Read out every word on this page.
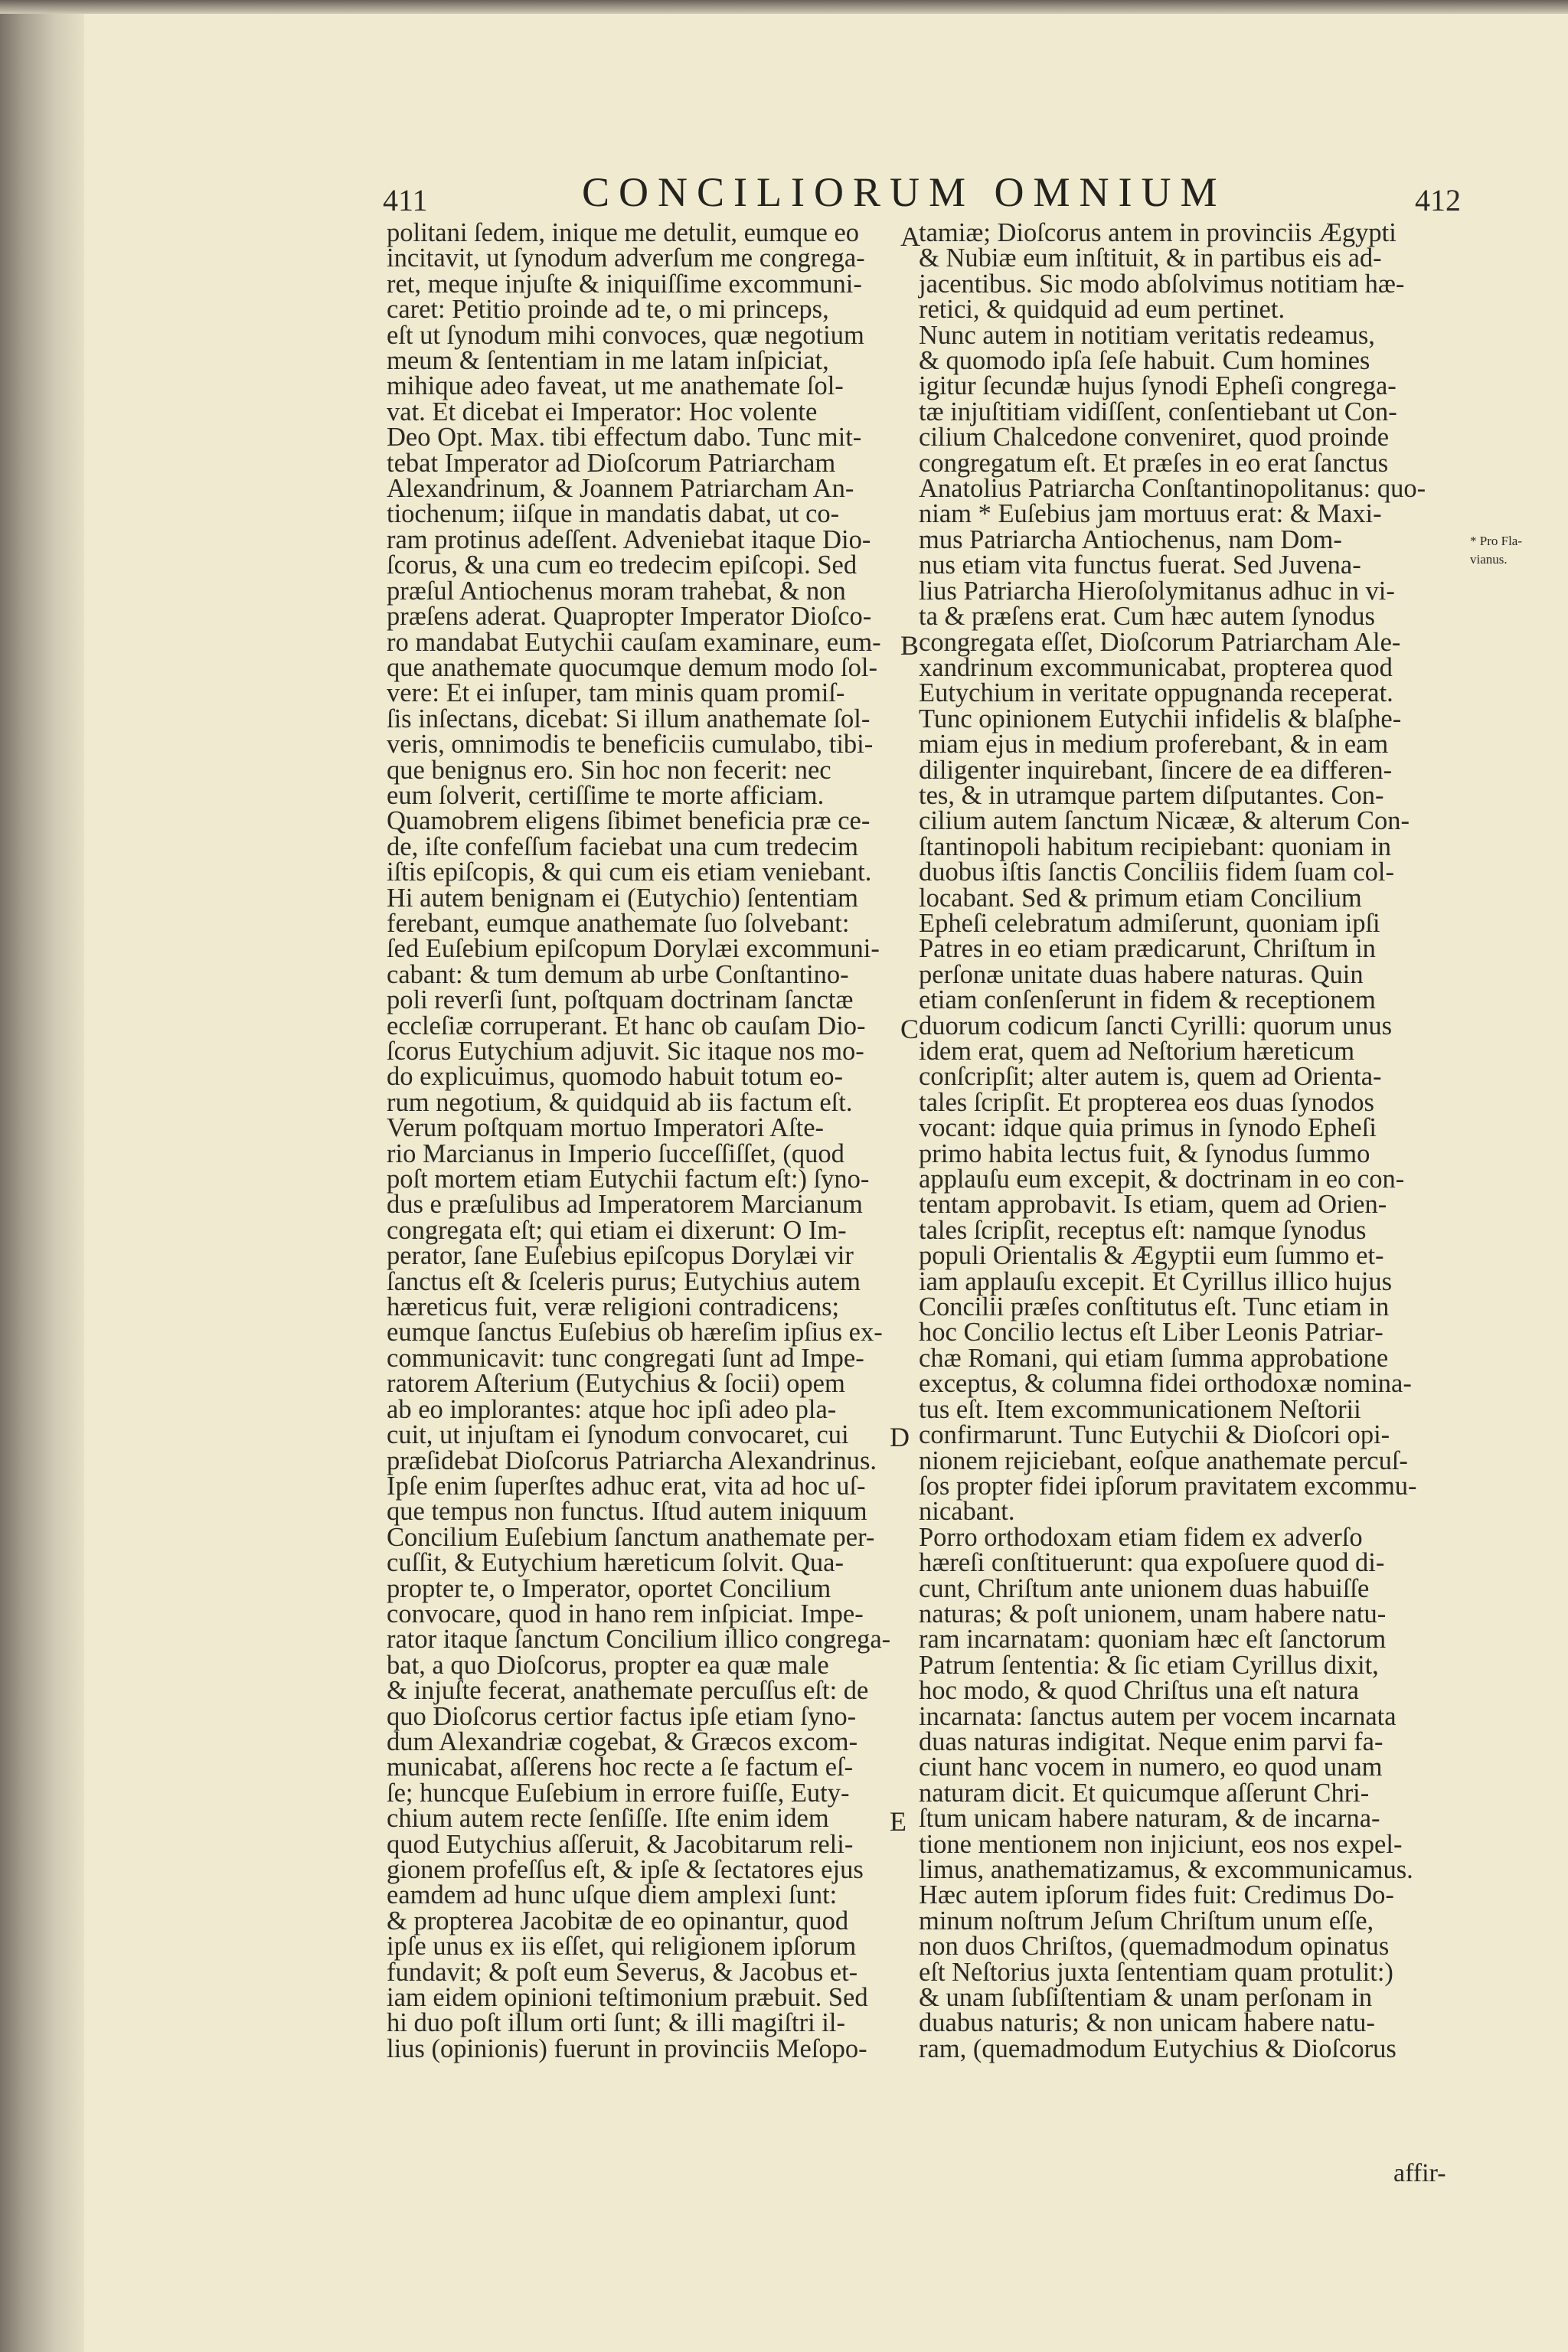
411	CONCILIORUM OMNIUM	412
politani ſedem, inique me detulit, eumque eo
incitavit, ut ſynodum adverſum me congrega-
ret, meque injuſte & iniquiſſime excommuni-
caret: Petitio proinde ad te, o mi princeps,
eſt ut ſynodum mihi convoces, quæ negotium
meum & ſententiam in me latam inſpiciat,
mihique adeo faveat, ut me anathemate ſol-
vat. Et dicebat ei Imperator: Hoc volente
Deo Opt. Max. tibi effectum dabo. Tunc mit-
tebat Imperator ad Dioſcorum Patriarcham
Alexandrinum, & Joannem Patriarcham An-
tiochenum; iiſque in mandatis dabat, ut co-
ram protinus adeſſent. Adveniebat itaque Dio-
ſcorus, & una cum eo tredecim epiſcopi. Sed
præſul Antiochenus moram trahebat, & non
præſens aderat. Quapropter Imperator Dioſco-
ro mandabat Eutychii cauſam examinare, eum-
que anathemate quocumque demum modo ſol-
vere: Et ei inſuper, tam minis quam promiſ-
ſis inſectans, dicebat: Si illum anathemate ſol-
veris, omnimodis te beneficiis cumulabo, tibi-
que benignus ero. Sin hoc non fecerit: nec
eum ſolverit, certiſſime te morte afficiam.
Quamobrem eligens ſibimet beneficia præ ce-
de, iſte confeſſum faciebat una cum tredecim
iſtis epiſcopis, & qui cum eis etiam veniebant.
Hi autem benignam ei (Eutychio) ſententiam
ferebant, eumque anathemate ſuo ſolvebant:
ſed Euſebium epiſcopum Dorylæi excommuni-
cabant: & tum demum ab urbe Conſtantino-
poli reverſi ſunt, poſtquam doctrinam ſanctæ
eccleſiæ corruperant. Et hanc ob cauſam Dio-
ſcorus Eutychium adjuvit. Sic itaque nos mo-
do explicuimus, quomodo habuit totum eo-
rum negotium, & quidquid ab iis factum eſt.
Verum poſtquam mortuo Imperatori Aſte-
rio Marcianus in Imperio ſucceſſiſſet, (quod
poſt mortem etiam Eutychii factum eſt:) ſyno-
dus e præſulibus ad Imperatorem Marcianum
congregata eſt; qui etiam ei dixerunt: O Im-
perator, ſane Euſebius epiſcopus Dorylæi vir
ſanctus eſt & ſceleris purus; Eutychius autem
hæreticus fuit, veræ religioni contradicens;
eumque ſanctus Euſebius ob hæreſim ipſius ex-
communicavit: tunc congregati ſunt ad Impe-
ratorem Aſterium (Eutychius & ſocii) opem
ab eo implorantes: atque hoc ipſi adeo pla-
cuit, ut injuſtam ei ſynodum convocaret, cui
præſidebat Dioſcorus Patriarcha Alexandrinus.
Ipſe enim ſuperſtes adhuc erat, vita ad hoc uſ-
que tempus non functus. Iſtud autem iniquum
Concilium Euſebium ſanctum anathemate per-
cuſſit, & Eutychium hæreticum ſolvit. Qua-
propter te, o Imperator, oportet Concilium
convocare, quod in hano rem inſpiciat. Impe-
rator itaque ſanctum Concilium illico congrega-
bat, a quo Dioſcorus, propter ea quæ male
& injuſte fecerat, anathemate percuſſus eſt: de
quo Dioſcorus certior factus ipſe etiam ſyno-
dum Alexandriæ cogebat, & Græcos excom-
municabat, aſſerens hoc recte a ſe factum eſ-
ſe; huncque Euſebium in errore fuiſſe, Euty-
chium autem recte ſenſiſſe. Iſte enim idem
quod Eutychius aſſeruit, & Jacobitarum reli-
gionem profeſſus eſt, & ipſe & ſectatores ejus
eamdem ad hunc uſque diem amplexi ſunt:
& propterea Jacobitæ de eo opinantur, quod
ipſe unus ex iis eſſet, qui religionem ipſorum
fundavit; & poſt eum Severus, & Jacobus et-
iam eidem opinioni teſtimonium præbuit. Sed
hi duo poſt illum orti ſunt; & illi magiſtri il-
lius (opinionis) fuerunt in provinciis Meſopo-
tamiæ; Dioſcorus antem in provinciis Ægypti
& Nubiæ eum inſtituit, & in partibus eis ad-
jacentibus. Sic modo abſolvimus notitiam hæ-
retici, & quidquid ad eum pertinet.
Nunc autem in notitiam veritatis redeamus,
& quomodo ipſa ſeſe habuit. Cum homines
igitur ſecundæ hujus ſynodi Epheſi congrega-
tæ injuſtitiam vidiſſent, conſentiebant ut Con-
cilium Chalcedone conveniret, quod proinde
congregatum eſt. Et præſes in eo erat ſanctus
Anatolius Patriarcha Conſtantinopolitanus: quo-
niam * Euſebius jam mortuus erat: & Maxi-
mus Patriarcha Antiochenus, nam Dom-
nus etiam vita functus fuerat. Sed Juvena-
lius Patriarcha Hieroſolymitanus adhuc in vi-
ta & præſens erat. Cum hæc autem ſynodus
congregata eſſet, Dioſcorum Patriarcham Ale-
xandrinum excommunicabat, propterea quod
Eutychium in veritate oppugnanda receperat.
Tunc opinionem Eutychii infidelis & blaſphe-
miam ejus in medium proferebant, & in eam
diligenter inquirebant, ſincere de ea differen-
tes, & in utramque partem diſputantes. Con-
cilium autem ſanctum Nicææ, & alterum Con-
ſtantinopoli habitum recipiebant: quoniam in
duobus iſtis ſanctis Conciliis fidem ſuam col-
locabant. Sed & primum etiam Concilium
Epheſi celebratum admiſerunt, quoniam ipſi
Patres in eo etiam prædicarunt, Chriſtum in
perſonæ unitate duas habere naturas. Quin
etiam conſenſerunt in fidem & receptionem
duorum codicum ſancti Cyrilli: quorum unus
idem erat, quem ad Neſtorium hæreticum
conſcripſit; alter autem is, quem ad Orienta-
tales ſcripſit. Et propterea eos duas ſynodos
vocant: idque quia primus in ſynodo Epheſi
primo habita lectus fuit, & ſynodus ſummo
applauſu eum excepit, & doctrinam in eo con-
tentam approbavit. Is etiam, quem ad Orien-
tales ſcripſit, receptus eſt: namque ſynodus
populi Orientalis & Ægyptii eum ſummo et-
iam applauſu excepit. Et Cyrillus illico hujus
Concilii præſes conſtitutus eſt. Tunc etiam in
hoc Concilio lectus eſt Liber Leonis Patriar-
chæ Romani, qui etiam ſumma approbatione
exceptus, & columna fidei orthodoxæ nomina-
tus eſt. Item excommunicationem Neſtorii
confirmarunt. Tunc Eutychii & Dioſcori opi-
nionem rejiciebant, eoſque anathemate percuſ-
ſos propter fidei ipſorum pravitatem excommu-
nicabant.
Porro orthodoxam etiam fidem ex adverſo
hæreſi conſtituerunt: qua expoſuere quod di-
cunt, Chriſtum ante unionem duas habuiſſe
naturas; & poſt unionem, unam habere natu-
ram incarnatam: quoniam hæc eſt ſanctorum
Patrum ſententia: & ſic etiam Cyrillus dixit,
hoc modo, & quod Chriſtus una eſt natura
incarnata: ſanctus autem per vocem incarnata
duas naturas indigitat. Neque enim parvi fa-
ciunt hanc vocem in numero, eo quod unam
naturam dicit. Et quicumque aſſerunt Chri-
ſtum unicam habere naturam, & de incarna-
tione mentionem non injiciunt, eos nos expel-
limus, anathematizamus, & excommunicamus.
Hæc autem ipſorum fides fuit: Credimus Do-
minum noſtrum Jeſum Chriſtum unum eſſe,
non duos Chriſtos, (quemadmodum opinatus
eſt Neſtorius juxta ſententiam quam protulit:)
& unam ſubſiſtentiam & unam perſonam in
duabus naturis; & non unicam habere natu-
ram, (quemadmodum Eutychius & Dioſcorus
A
B
C
D
E
* Pro Fla-
vianus.
affir-
